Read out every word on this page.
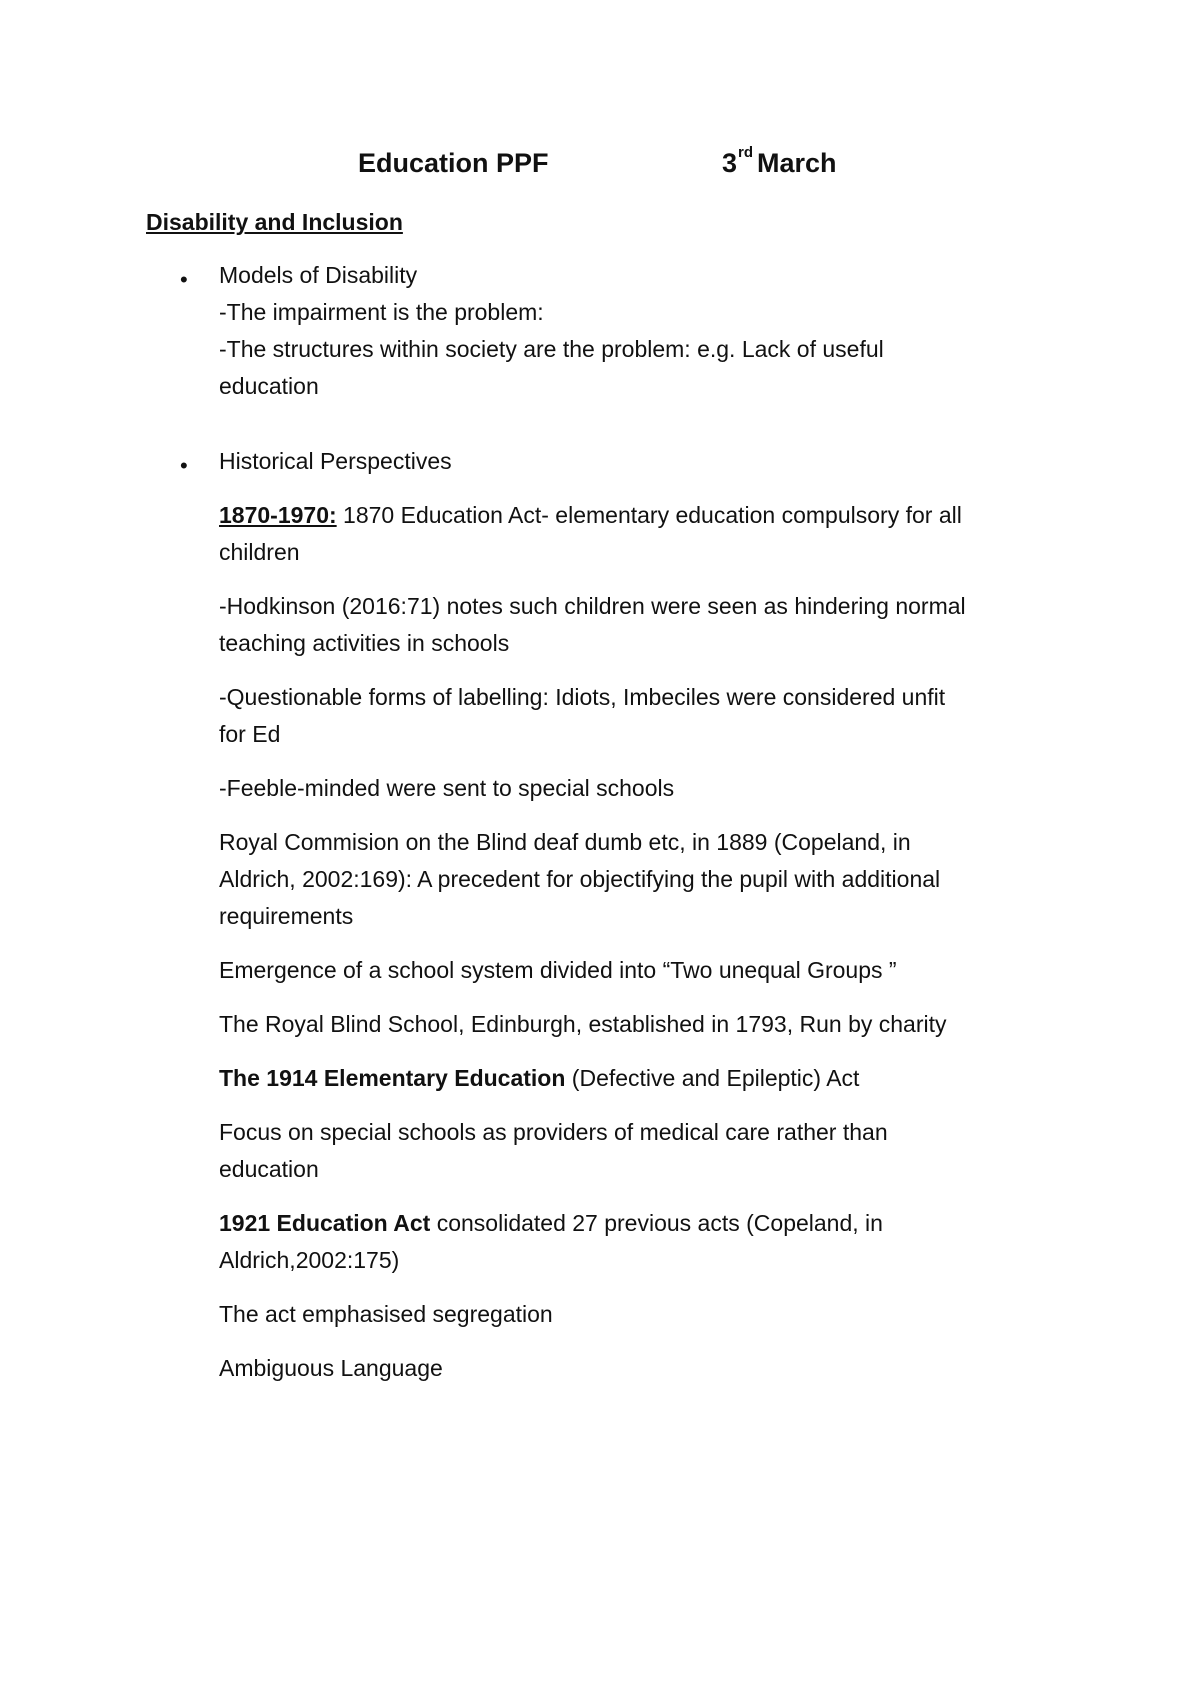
Education PPF	3rd March
Disability and Inclusion
• Models of Disability
-The impairment is the problem:
-The structures within society are the problem: e.g. Lack of useful
education
• Historical Perspectives
1870-1970: 1870 Education Act- elementary education compulsory for all
children
-Hodkinson (2016:71) notes such children were seen as hindering normal
teaching activities in schools
-Questionable forms of labelling: Idiots, Imbeciles were considered unfit
for Ed
-Feeble-minded were sent to special schools
Royal Commision on the Blind deaf dumb etc, in 1889 (Copeland, in
Aldrich, 2002:169): A precedent for objectifying the pupil with additional
requirements
Emergence of a school system divided into “Two unequal Groups ”
The Royal Blind School, Edinburgh, established in 1793, Run by charity
The 1914 Elementary Education (Defective and Epileptic) Act
Focus on special schools as providers of medical care rather than
education
1921 Education Act consolidated 27 previous acts (Copeland, in
Aldrich,2002:175)
The act emphasised segregation
Ambiguous Language
